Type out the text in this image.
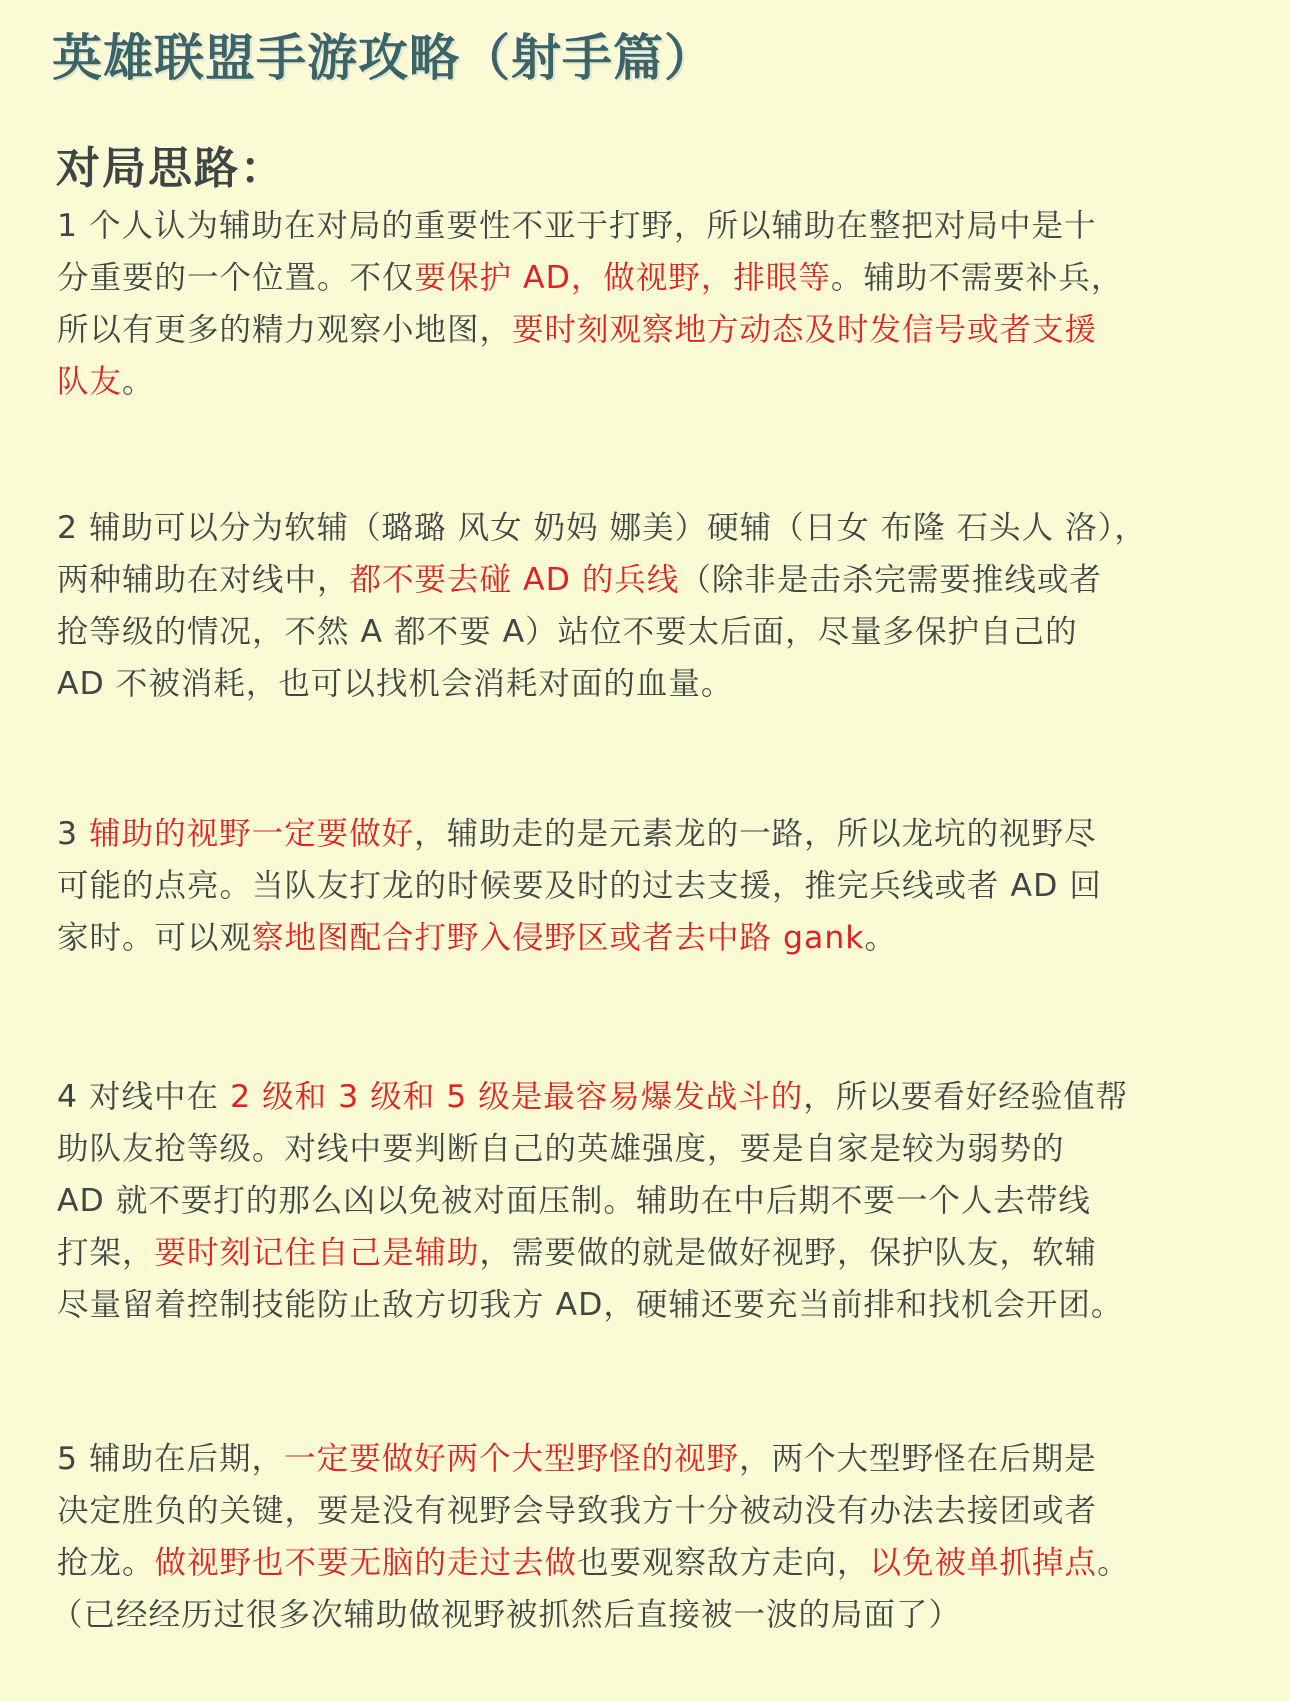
英雄联盟手游攻略（射手篇）
对局思路：
1 个人认为辅助在对局的重要性不亚于打野，所以辅助在整把对局中是十
分重要的一个位置。不仅要保护 AD，做视野，排眼等。辅助不需要补兵，
所以有更多的精力观察小地图，要时刻观察地方动态及时发信号或者支援
队友。
2 辅助可以分为软辅（璐璐 风女 奶妈 娜美）硬辅（日女 布隆 石头人 洛），
两种辅助在对线中，都不要去碰 AD 的兵线（除非是击杀完需要推线或者
抢等级的情况，不然 A 都不要 A）站位不要太后面，尽量多保护自己的
AD 不被消耗，也可以找机会消耗对面的血量。
3 辅助的视野一定要做好，辅助走的是元素龙的一路，所以龙坑的视野尽
可能的点亮。当队友打龙的时候要及时的过去支援，推完兵线或者 AD 回
家时。可以观察地图配合打野入侵野区或者去中路 gank。
4 对线中在 2 级和 3 级和 5 级是最容易爆发战斗的，所以要看好经验值帮
助队友抢等级。对线中要判断自己的英雄强度，要是自家是较为弱势的
AD 就不要打的那么凶以免被对面压制。辅助在中后期不要一个人去带线
打架，要时刻记住自己是辅助，需要做的就是做好视野，保护队友，软辅
尽量留着控制技能防止敌方切我方 AD，硬辅还要充当前排和找机会开团。
5 辅助在后期，一定要做好两个大型野怪的视野，两个大型野怪在后期是
决定胜负的关键，要是没有视野会导致我方十分被动没有办法去接团或者
抢龙。做视野也不要无脑的走过去做也要观察敌方走向，以免被单抓掉点。
（已经经历过很多次辅助做视野被抓然后直接被一波的局面了）
